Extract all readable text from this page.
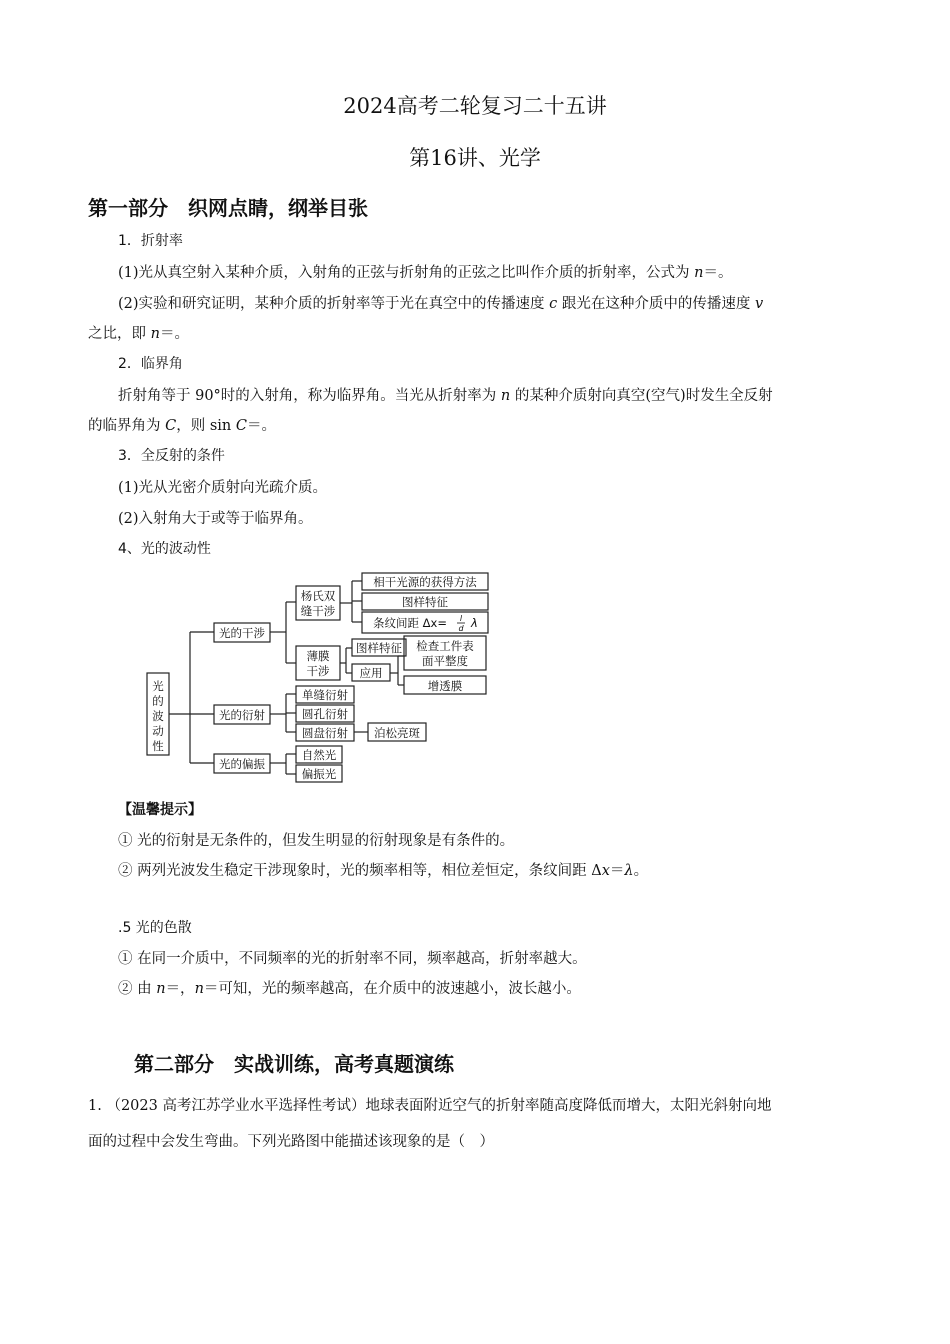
2024高考二轮复习二十五讲
第16讲、光学
第一部分　织网点睛，纲举目张
1．折射率
(1)光从真空射入某种介质，入射角的正弦与折射角的正弦之比叫作介质的折射率，公式为 n＝。
(2)实验和研究证明，某种介质的折射率等于光在真空中的传播速度 c 跟光在这种介质中的传播速度 v
之比，即 n＝。
2．临界角
折射角等于 90°时的入射角，称为临界角。当光从折射率为 n 的某种介质射向真空(空气)时发生全反射
的临界角为 C，则 sin C＝。
3．全反射的条件
(1)光从光密介质射向光疏介质。
(2)入射角大于或等于临界角。
4、光的波动性
光
的
波
动
性
光的干涉
光的衍射
光的偏振
杨氏双
缝干涉
薄膜
干涉
相干光源的获得方法
图样特征
条纹间距 Δx= l
d λ
图样特征
应用
检查工件表
面平整度
增透膜
单缝衍射
圆孔衍射
圆盘衍射 泊松亮斑
自然光
偏振光
【温馨提示】
① 光的衍射是无条件的，但发生明显的衍射现象是有条件的。
② 两列光波发生稳定干涉现象时，光的频率相等，相位差恒定，条纹间距 Δx＝λ。
.5 光的色散
① 在同一介质中，不同频率的光的折射率不同，频率越高，折射率越大。
② 由 n＝，n＝可知，光的频率越高，在介质中的波速越小，波长越小。
第二部分　实战训练，高考真题演练
1. （2023 高考江苏学业水平选择性考试）地球表面附近空气的折射率随高度降低而增大，太阳光斜射向地
面的过程中会发生弯曲。下列光路图中能描述该现象的是（　）
